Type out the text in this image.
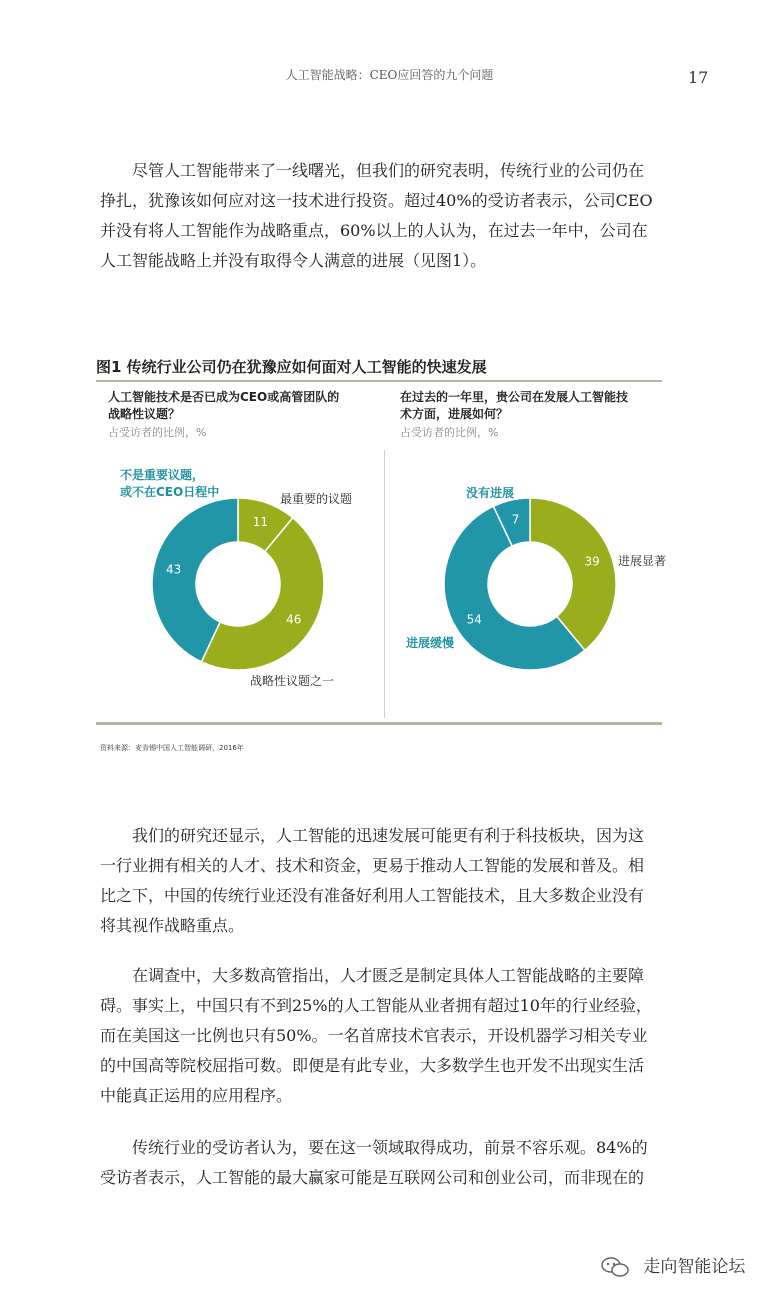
人工智能战略：CEO应回答的九个问题	17

尽管人工智能带来了一线曙光，但我们的研究表明，传统行业的公司仍在
挣扎，犹豫该如何应对这一技术进行投资。超过40%的受访者表示，公司CEO
并没有将人工智能作为战略重点，60%以上的人认为，在过去一年中，公司在
人工智能战略上并没有取得令人满意的进展（见图1）。

图1 传统行业公司仍在犹豫应如何面对人工智能的快速发展

人工智能技术是否已成为CEO或高管团队的
战略性议题？

占受访者的比例，%
不是重要议题，
或不在CEO日程中	最重要的议题
战略性议题之一
11
46
43

在过去的一年里，贵公司在发展人工智能技
术方面，进展如何？

占受访者的比例，%
没有进展
进展显著
进展缓慢
39
54
7
资料来源：麦肯锡中国人工智能调研，2016年

我们的研究还显示，人工智能的迅速发展可能更有利于科技板块，因为这
一行业拥有相关的人才、技术和资金，更易于推动人工智能的发展和普及。相
比之下，中国的传统行业还没有准备好利用人工智能技术，且大多数企业没有
将其视作战略重点。

在调查中，大多数高管指出，人才匮乏是制定具体人工智能战略的主要障
碍。事实上，中国只有不到25%的人工智能从业者拥有超过10年的行业经验，
而在美国这一比例也只有50%。一名首席技术官表示，开设机器学习相关专业
的中国高等院校屈指可数。即便是有此专业，大多数学生也开发不出现实生活
中能真正运用的应用程序。

传统行业的受访者认为，要在这一领域取得成功，前景不容乐观。84%的
受访者表示，人工智能的最大赢家可能是互联网公司和创业公司，而非现在的

走向智能论坛
